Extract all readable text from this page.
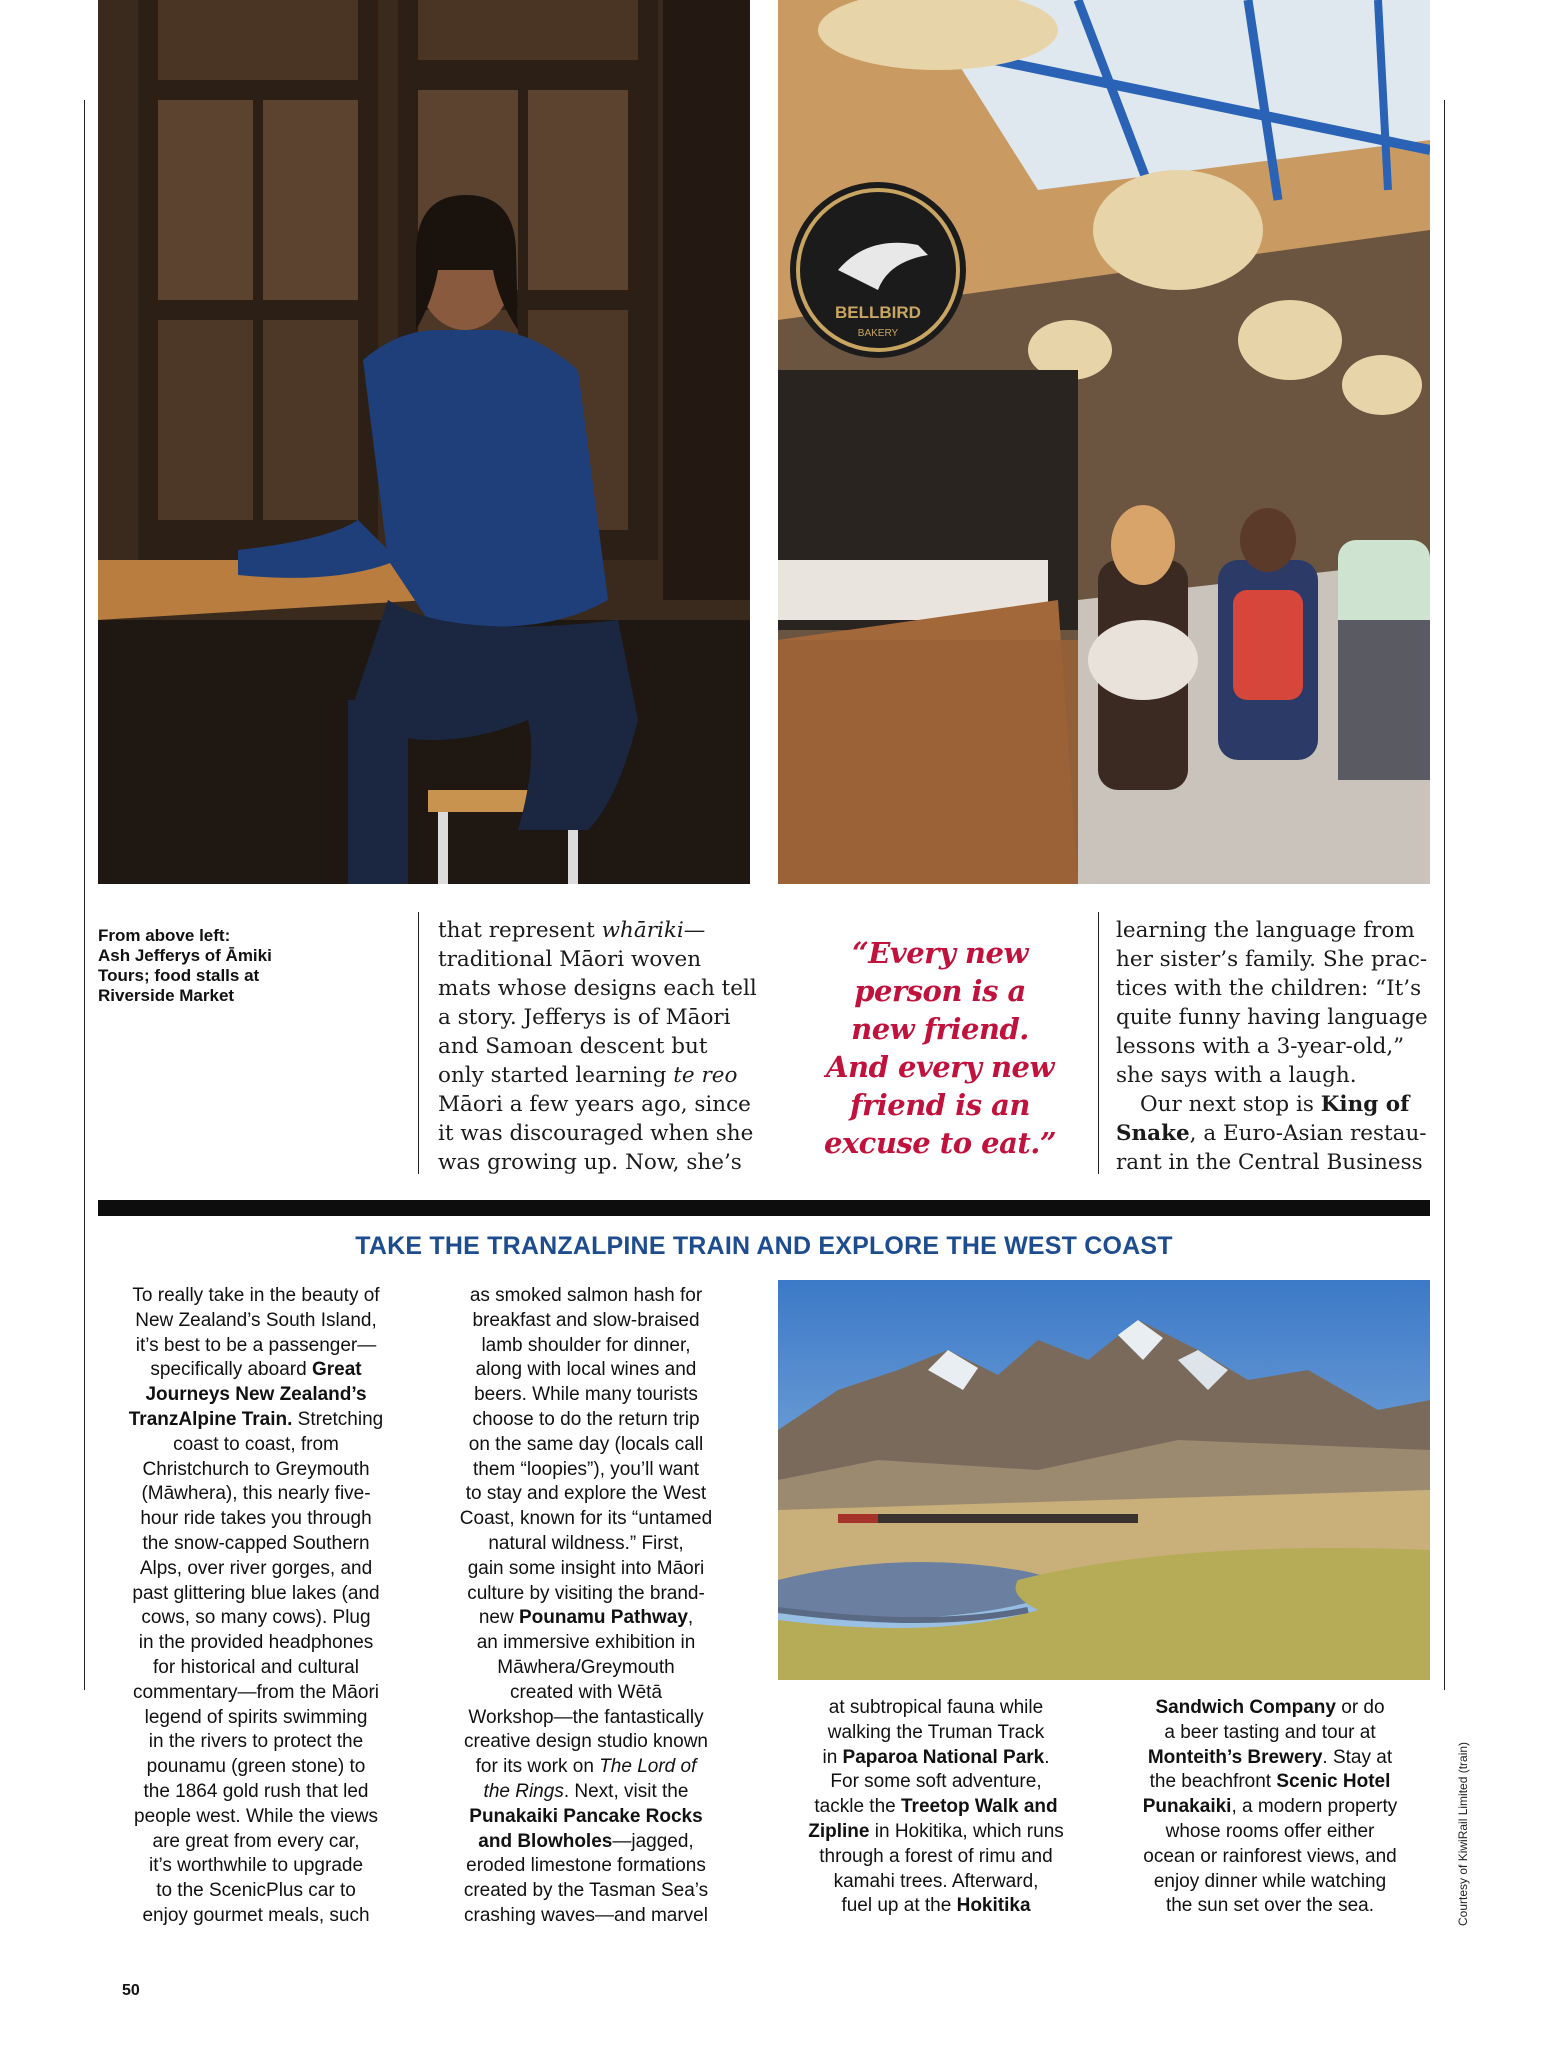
BELLBIRD
BAKERY
From above left:
Ash Jefferys of Āmiki
Tours; food stalls at
Riverside Market
that represent whāriki—
traditional Māori woven
mats whose designs each tell
a story. Jefferys is of Māori
and Samoan descent but
only started learning te reo
Māori a few years ago, since
it was discouraged when she
was growing up. Now, she’s
“Every new
person is a
new friend.
And every new
friend is an
excuse to eat.”
learning the language from
her sister’s family. She prac-
tices with the children: “It’s
quite funny having language
lessons with a 3-year-old,”
she says with a laugh.
Our next stop is King of
Snake, a Euro-Asian restau-
rant in the Central Business
TAKE THE TRANZALPINE TRAIN AND EXPLORE THE WEST COAST
To really take in the beauty of
New Zealand’s South Island,
it’s best to be a passenger—
specifically aboard Great
Journeys New Zealand’s
TranzAlpine Train. Stretching
coast to coast, from
Christchurch to Greymouth
(Māwhera), this nearly five-
hour ride takes you through
the snow-capped Southern
Alps, over river gorges, and
past glittering blue lakes (and
cows, so many cows). Plug
in the provided headphones
for historical and cultural
commentary—from the Māori
legend of spirits swimming
in the rivers to protect the
pounamu (green stone) to
the 1864 gold rush that led
people west. While the views
are great from every car,
it’s worthwhile to upgrade
to the ScenicPlus car to
enjoy gourmet meals, such
as smoked salmon hash for
breakfast and slow-braised
lamb shoulder for dinner,
along with local wines and
beers. While many tourists
choose to do the return trip
on the same day (locals call
them “loopies”), you’ll want
to stay and explore the West
Coast, known for its “untamed
natural wildness.” First,
gain some insight into Māori
culture by visiting the brand-
new Pounamu Pathway,
an immersive exhibition in
Māwhera/Greymouth
created with Wētā
Workshop—the fantastically
creative design studio known
for its work on The Lord of
the Rings. Next, visit the
Punakaiki Pancake Rocks
and Blowholes—jagged,
eroded limestone formations
created by the Tasman Sea’s
crashing waves—and marvel
at subtropical fauna while
walking the Truman Track
in Paparoa National Park.
For some soft adventure,
tackle the Treetop Walk and
Zipline in Hokitika, which runs
through a forest of rimu and
kamahi trees. Afterward,
fuel up at the Hokitika
Sandwich Company or do
a beer tasting and tour at
Monteith’s Brewery. Stay at
the beachfront Scenic Hotel
Punakaiki, a modern property
whose rooms offer either
ocean or rainforest views, and
enjoy dinner while watching
the sun set over the sea.	Courtesy of KiwiRail Limited (train)
50
